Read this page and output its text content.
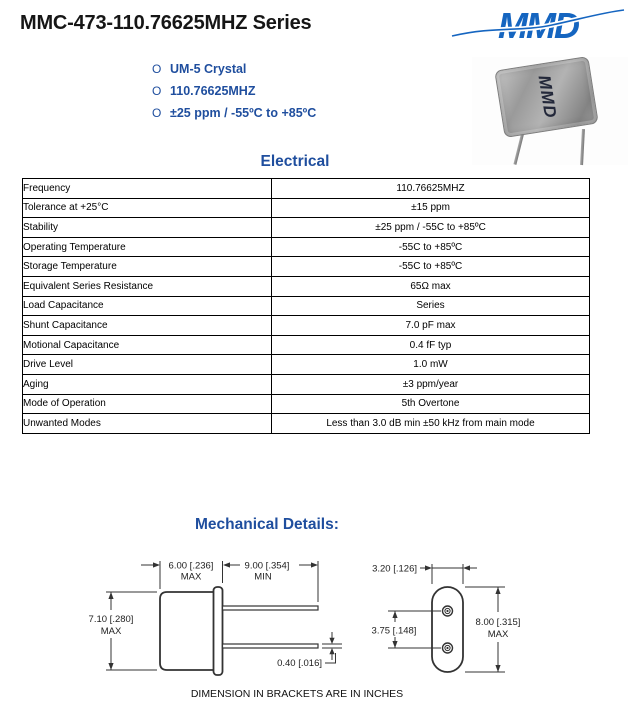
MMC-473-110.76625MHZ Series	MMD
O UM-5 Crystal
O 110.76625MHZ
O ±25 ppm / -55ºC to +85ºC	MMD
Electrical
Frequency	110.76625MHZ
Tolerance at +25°C	±15 ppm
Stability	±25 ppm / -55C to +85ºC
Operating Temperature	-55C to +85ºC
Storage Temperature	-55C to +85ºC
Equivalent Series Resistance	65Ω max
Load Capacitance	Series
Shunt Capacitance	7.0 pF max
Motional Capacitance	0.4 fF typ
Drive Level	1.0 mW
Aging	±3 ppm/year
Mode of Operation	5th Overtone
Unwanted Modes	Less than 3.0 dB min ±50 kHz from main mode
Mechanical Details:
6.00 [.236]
MAX
9.00 [.354]
MIN
7.10 [.280]
MAX
0.40 [.016]
3.20 [.126]
3.75 [.148]
8.00 [.315]
MAX
DIMENSION IN BRACKETS ARE IN INCHES
